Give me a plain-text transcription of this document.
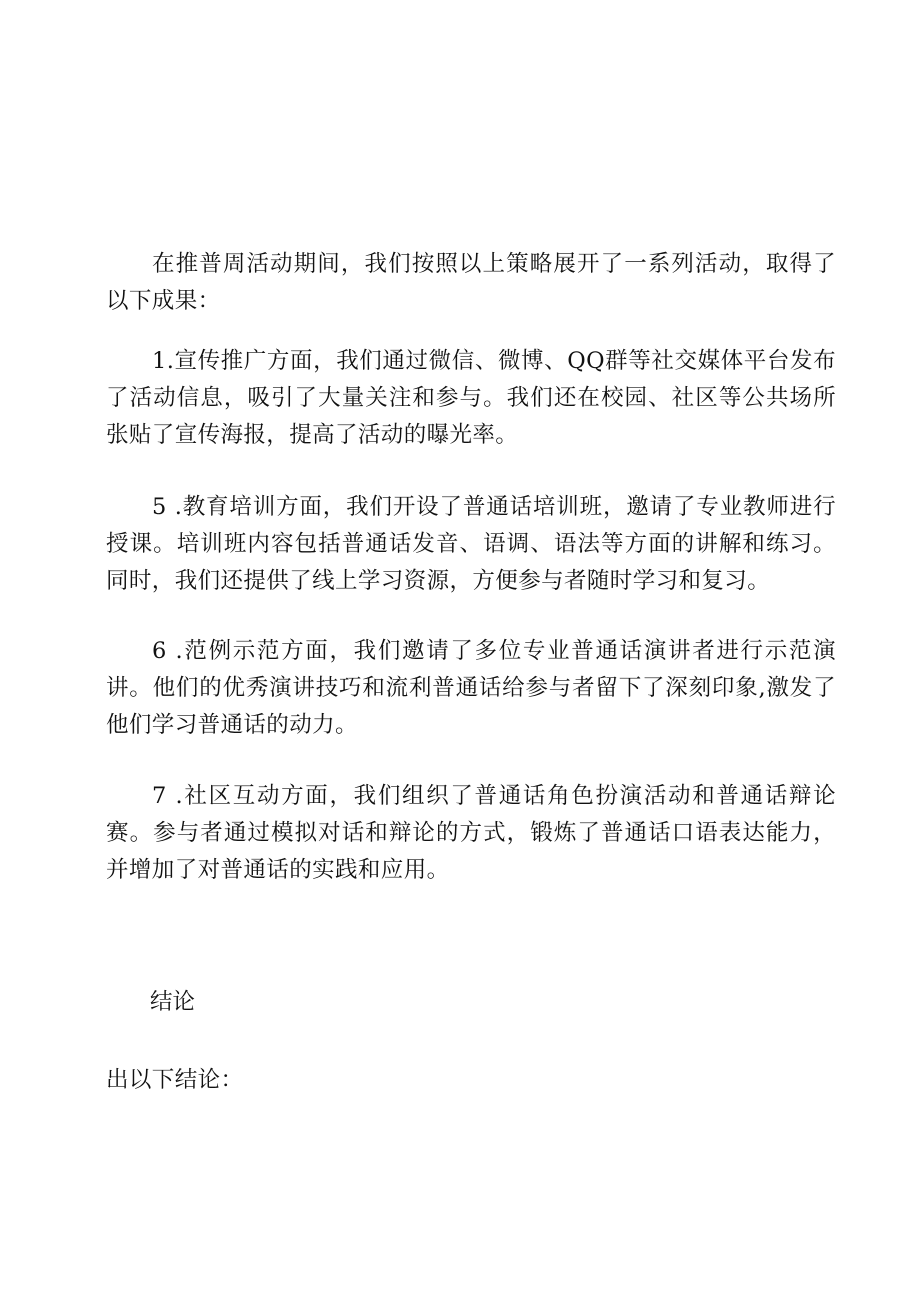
在推普周活动期间，我们按照以上策略展开了一系列活动，取得了以下成果：

1.宣传推广方面，我们通过微信、微博、QQ群等社交媒体平台发布了活动信息，吸引了大量关注和参与。我们还在校园、社区等公共场所张贴了宣传海报，提高了活动的曝光率。

5 .教育培训方面，我们开设了普通话培训班，邀请了专业教师进行授课。培训班内容包括普通话发音、语调、语法等方面的讲解和练习。同时，我们还提供了线上学习资源，方便参与者随时学习和复习。

6 .范例示范方面，我们邀请了多位专业普通话演讲者进行示范演讲。他们的优秀演讲技巧和流利普通话给参与者留下了深刻印象,激发了他们学习普通话的动力。

7 .社区互动方面，我们组织了普通话角色扮演活动和普通话辩论赛。参与者通过模拟对话和辩论的方式，锻炼了普通话口语表达能力，并增加了对普通话的实践和应用。

结论

出以下结论：
